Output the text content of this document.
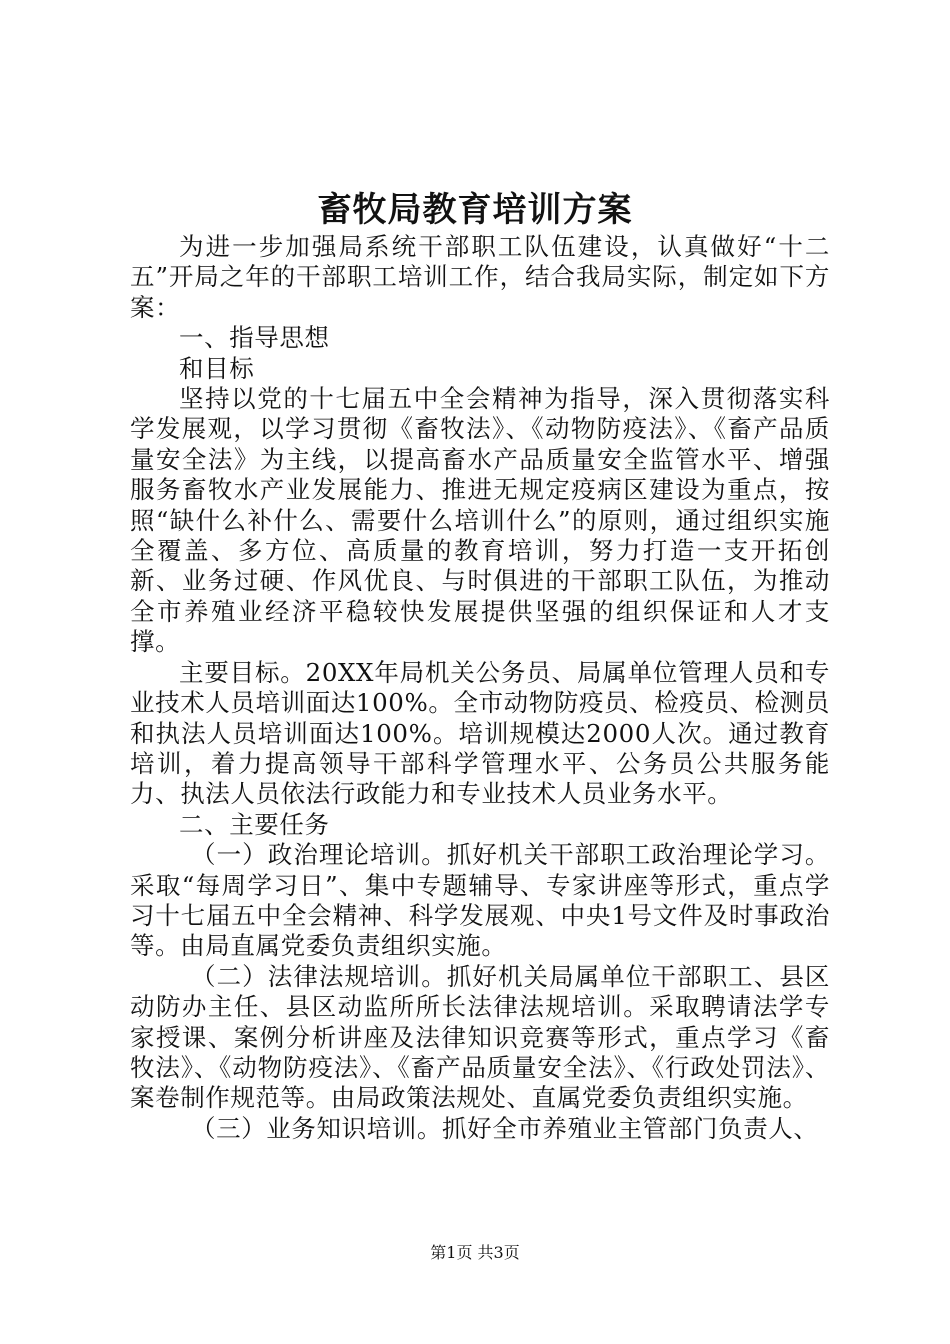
畜牧局教育培训方案

为进一步加强局系统干部职工队伍建设，认真做好“十二五”开局之年的干部职工培训工作，结合我局实际，制定如下方案：

一、指导思想

和目标

坚持以党的十七届五中全会精神为指导，深入贯彻落实科学发展观，以学习贯彻《畜牧法》、《动物防疫法》、《畜产品质量安全法》为主线，以提高畜水产品质量安全监管水平、增强服务畜牧水产业发展能力、推进无规定疫病区建设为重点，按照“缺什么补什么、需要什么培训什么”的原则，通过组织实施全覆盖、多方位、高质量的教育培训，努力打造一支开拓创新、业务过硬、作风优良、与时俱进的干部职工队伍，为推动全市养殖业经济平稳较快发展提供坚强的组织保证和人才支撑。

主要目标。20XX年局机关公务员、局属单位管理人员和专业技术人员培训面达100%。全市动物防疫员、检疫员、检测员和执法人员培训面达100%。培训规模达2000人次。通过教育培训，着力提高领导干部科学管理水平、公务员公共服务能力、执法人员依法行政能力和专业技术人员业务水平。

二、主要任务

（一）政治理论培训。抓好机关干部职工政治理论学习。采取“每周学习日”、集中专题辅导、专家讲座等形式，重点学习十七届五中全会精神、科学发展观、中央1号文件及时事政治等。由局直属党委负责组织实施。

（二）法律法规培训。抓好机关局属单位干部职工、县区动防办主任、县区动监所所长法律法规培训。采取聘请法学专家授课、案例分析讲座及法律知识竞赛等形式，重点学习《畜牧法》、《动物防疫法》、《畜产品质量安全法》、《行政处罚法》、案卷制作规范等。由局政策法规处、直属党委负责组织实施。

（三）业务知识培训。抓好全市养殖业主管部门负责人、

第1页 共3页
